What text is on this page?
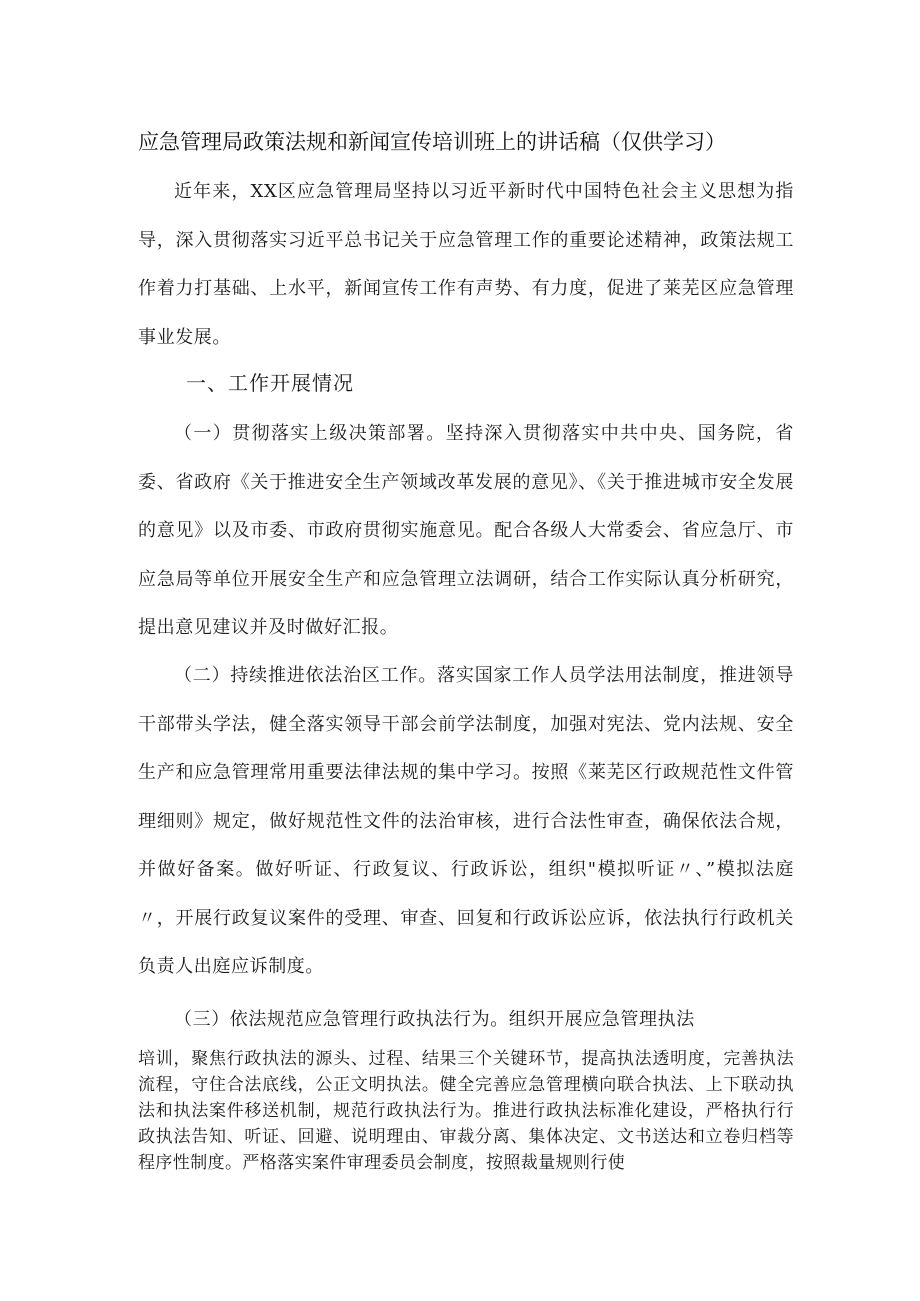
应急管理局政策法规和新闻宣传培训班上的讲话稿（仅供学习）

近年来，XX区应急管理局坚持以习近平新时代中国特色社会主义思想为指导，深入贯彻落实习近平总书记关于应急管理工作的重要论述精神，政策法规工作着力打基础、上水平，新闻宣传工作有声势、有力度，促进了莱芜区应急管理事业发展。

一、工作开展情况

（一）贯彻落实上级决策部署。坚持深入贯彻落实中共中央、国务院，省委、省政府《关于推进安全生产领域改革发展的意见》、《关于推进城市安全发展的意见》以及市委、市政府贯彻实施意见。配合各级人大常委会、省应急厅、市应急局等单位开展安全生产和应急管理立法调研，结合工作实际认真分析研究，提出意见建议并及时做好汇报。

（二）持续推进依法治区工作。落实国家工作人员学法用法制度，推进领导干部带头学法，健全落实领导干部会前学法制度，加强对宪法、党内法规、安全生产和应急管理常用重要法律法规的集中学习。按照《莱芜区行政规范性文件管理细则》规定，做好规范性文件的法治审核，进行合法性审查，确保依法合规，并做好备案。做好听证、行政复议、行政诉讼，组织"模拟听证〃、”模拟法庭〃，开展行政复议案件的受理、审查、回复和行政诉讼应诉，依法执行行政机关负责人出庭应诉制度。

（三）依法规范应急管理行政执法行为。组织开展应急管理执法

培训，聚焦行政执法的源头、过程、结果三个关键环节，提高执法透明度，完善执法流程，守住合法底线，公正文明执法。健全完善应急管理横向联合执法、上下联动执法和执法案件移送机制，规范行政执法行为。推进行政执法标准化建设，严格执行行政执法告知、听证、回避、说明理由、审裁分离、集体决定、文书送达和立卷归档等程序性制度。严格落实案件审理委员会制度，按照裁量规则行使
